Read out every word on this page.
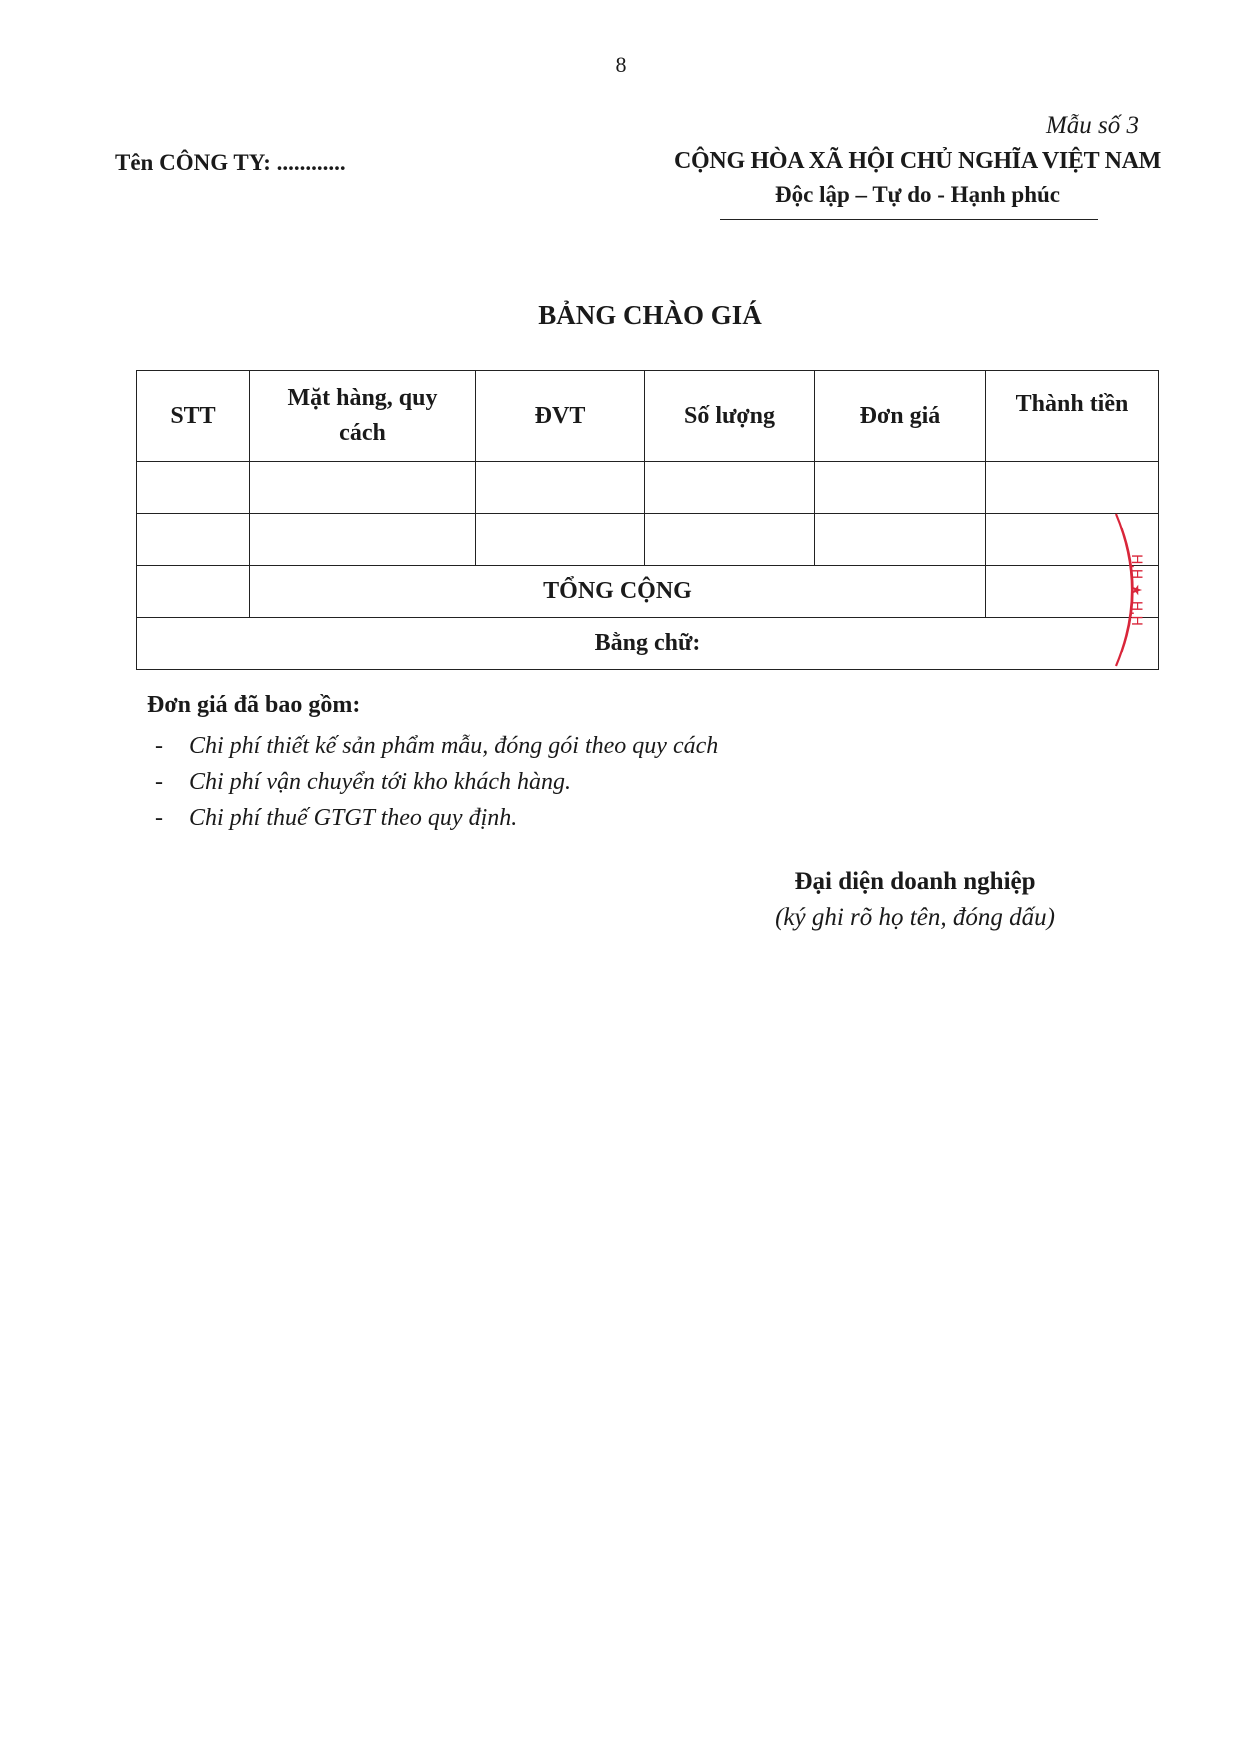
8
Mẫu số 3
Tên CÔNG TY: ............	CỘNG HÒA XÃ HỘI CHỦ NGHĨA VIỆT NAM
Độc lập – Tự do - Hạnh phúc
BẢNG CHÀO GIÁ
STT	Mặt hàng, quy cách	ĐVT	Số lượng	Đơn giá	Thành tiền

	TỔNG CỘNG				
Bằng chữ:					
H.H ★ H.H
Đơn giá đã bao gồm:
- Chi phí thiết kế sản phẩm mẫu, đóng gói theo quy cách
- Chi phí vận chuyển tới kho khách hàng.
- Chi phí thuế GTGT theo quy định.
Đại diện doanh nghiệp
(ký ghi rõ họ tên, đóng dấu)
